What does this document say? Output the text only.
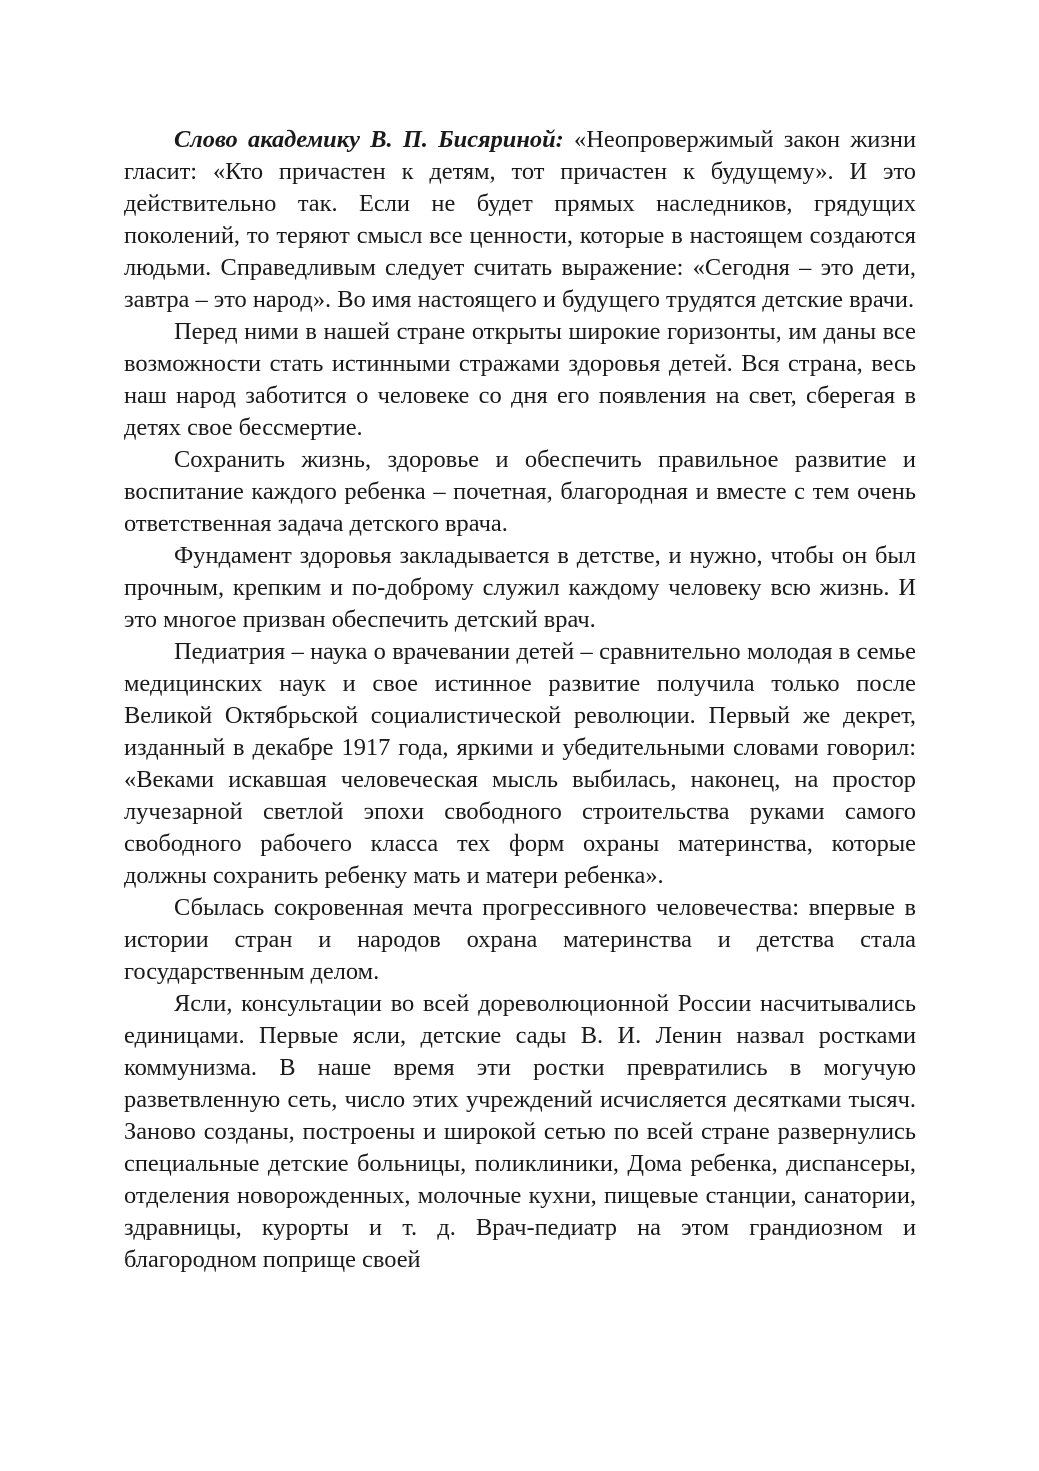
Слово академику В. П. Бисяриной: «Неопровержимый закон жизни гласит: «Кто причастен к детям, тот причастен к будущему». И это действительно так. Если не будет прямых наследников, грядущих поколений, то теряют смысл все ценности, которые в настоящем создаются людьми. Справедливым следует считать выражение: «Сегодня – это дети, завтра – это народ». Во имя настоящего и будущего трудятся детские врачи.

Перед ними в нашей стране открыты широкие горизонты, им даны все возможности стать истинными стражами здоровья детей. Вся страна, весь наш народ заботится о человеке со дня его появления на свет, сберегая в детях свое бессмертие.

Сохранить жизнь, здоровье и обеспечить правильное развитие и воспитание каждого ребенка – почетная, благородная и вместе с тем очень ответственная задача детского врача.

Фундамент здоровья закладывается в детстве, и нужно, чтобы он был прочным, крепким и по-доброму служил каждому человеку всю жизнь. И это многое призван обеспечить детский врач.

Педиатрия – наука о врачевании детей – сравнительно молодая в семье медицинских наук и свое истинное развитие получила только после Великой Октябрьской социалистической революции. Первый же декрет, изданный в декабре 1917 года, яркими и убедительными словами говорил: «Веками искавшая человеческая мысль выбилась, наконец, на простор лучезарной светлой эпохи свободного строительства руками самого свободного рабочего класса тех форм охраны материнства, которые должны сохранить ребенку мать и матери ребенка».

Сбылась сокровенная мечта прогрессивного человечества: впервые в истории стран и народов охрана материнства и детства стала государственным делом.

Ясли, консультации во всей дореволюционной России насчитывались единицами. Первые ясли, детские сады В. И. Ленин назвал ростками коммунизма. В наше время эти ростки превратились в могучую разветвленную сеть, число этих учреждений исчисляется десятками тысяч. Заново созданы, построены и широкой сетью по всей стране развернулись специальные детские больницы, поликлиники, Дома ребенка, диспансеры, отделения новорожденных, молочные кухни, пищевые станции, санатории, здравницы, курорты и т. д. Врач-педиатр на этом грандиозном и благородном поприще своей
